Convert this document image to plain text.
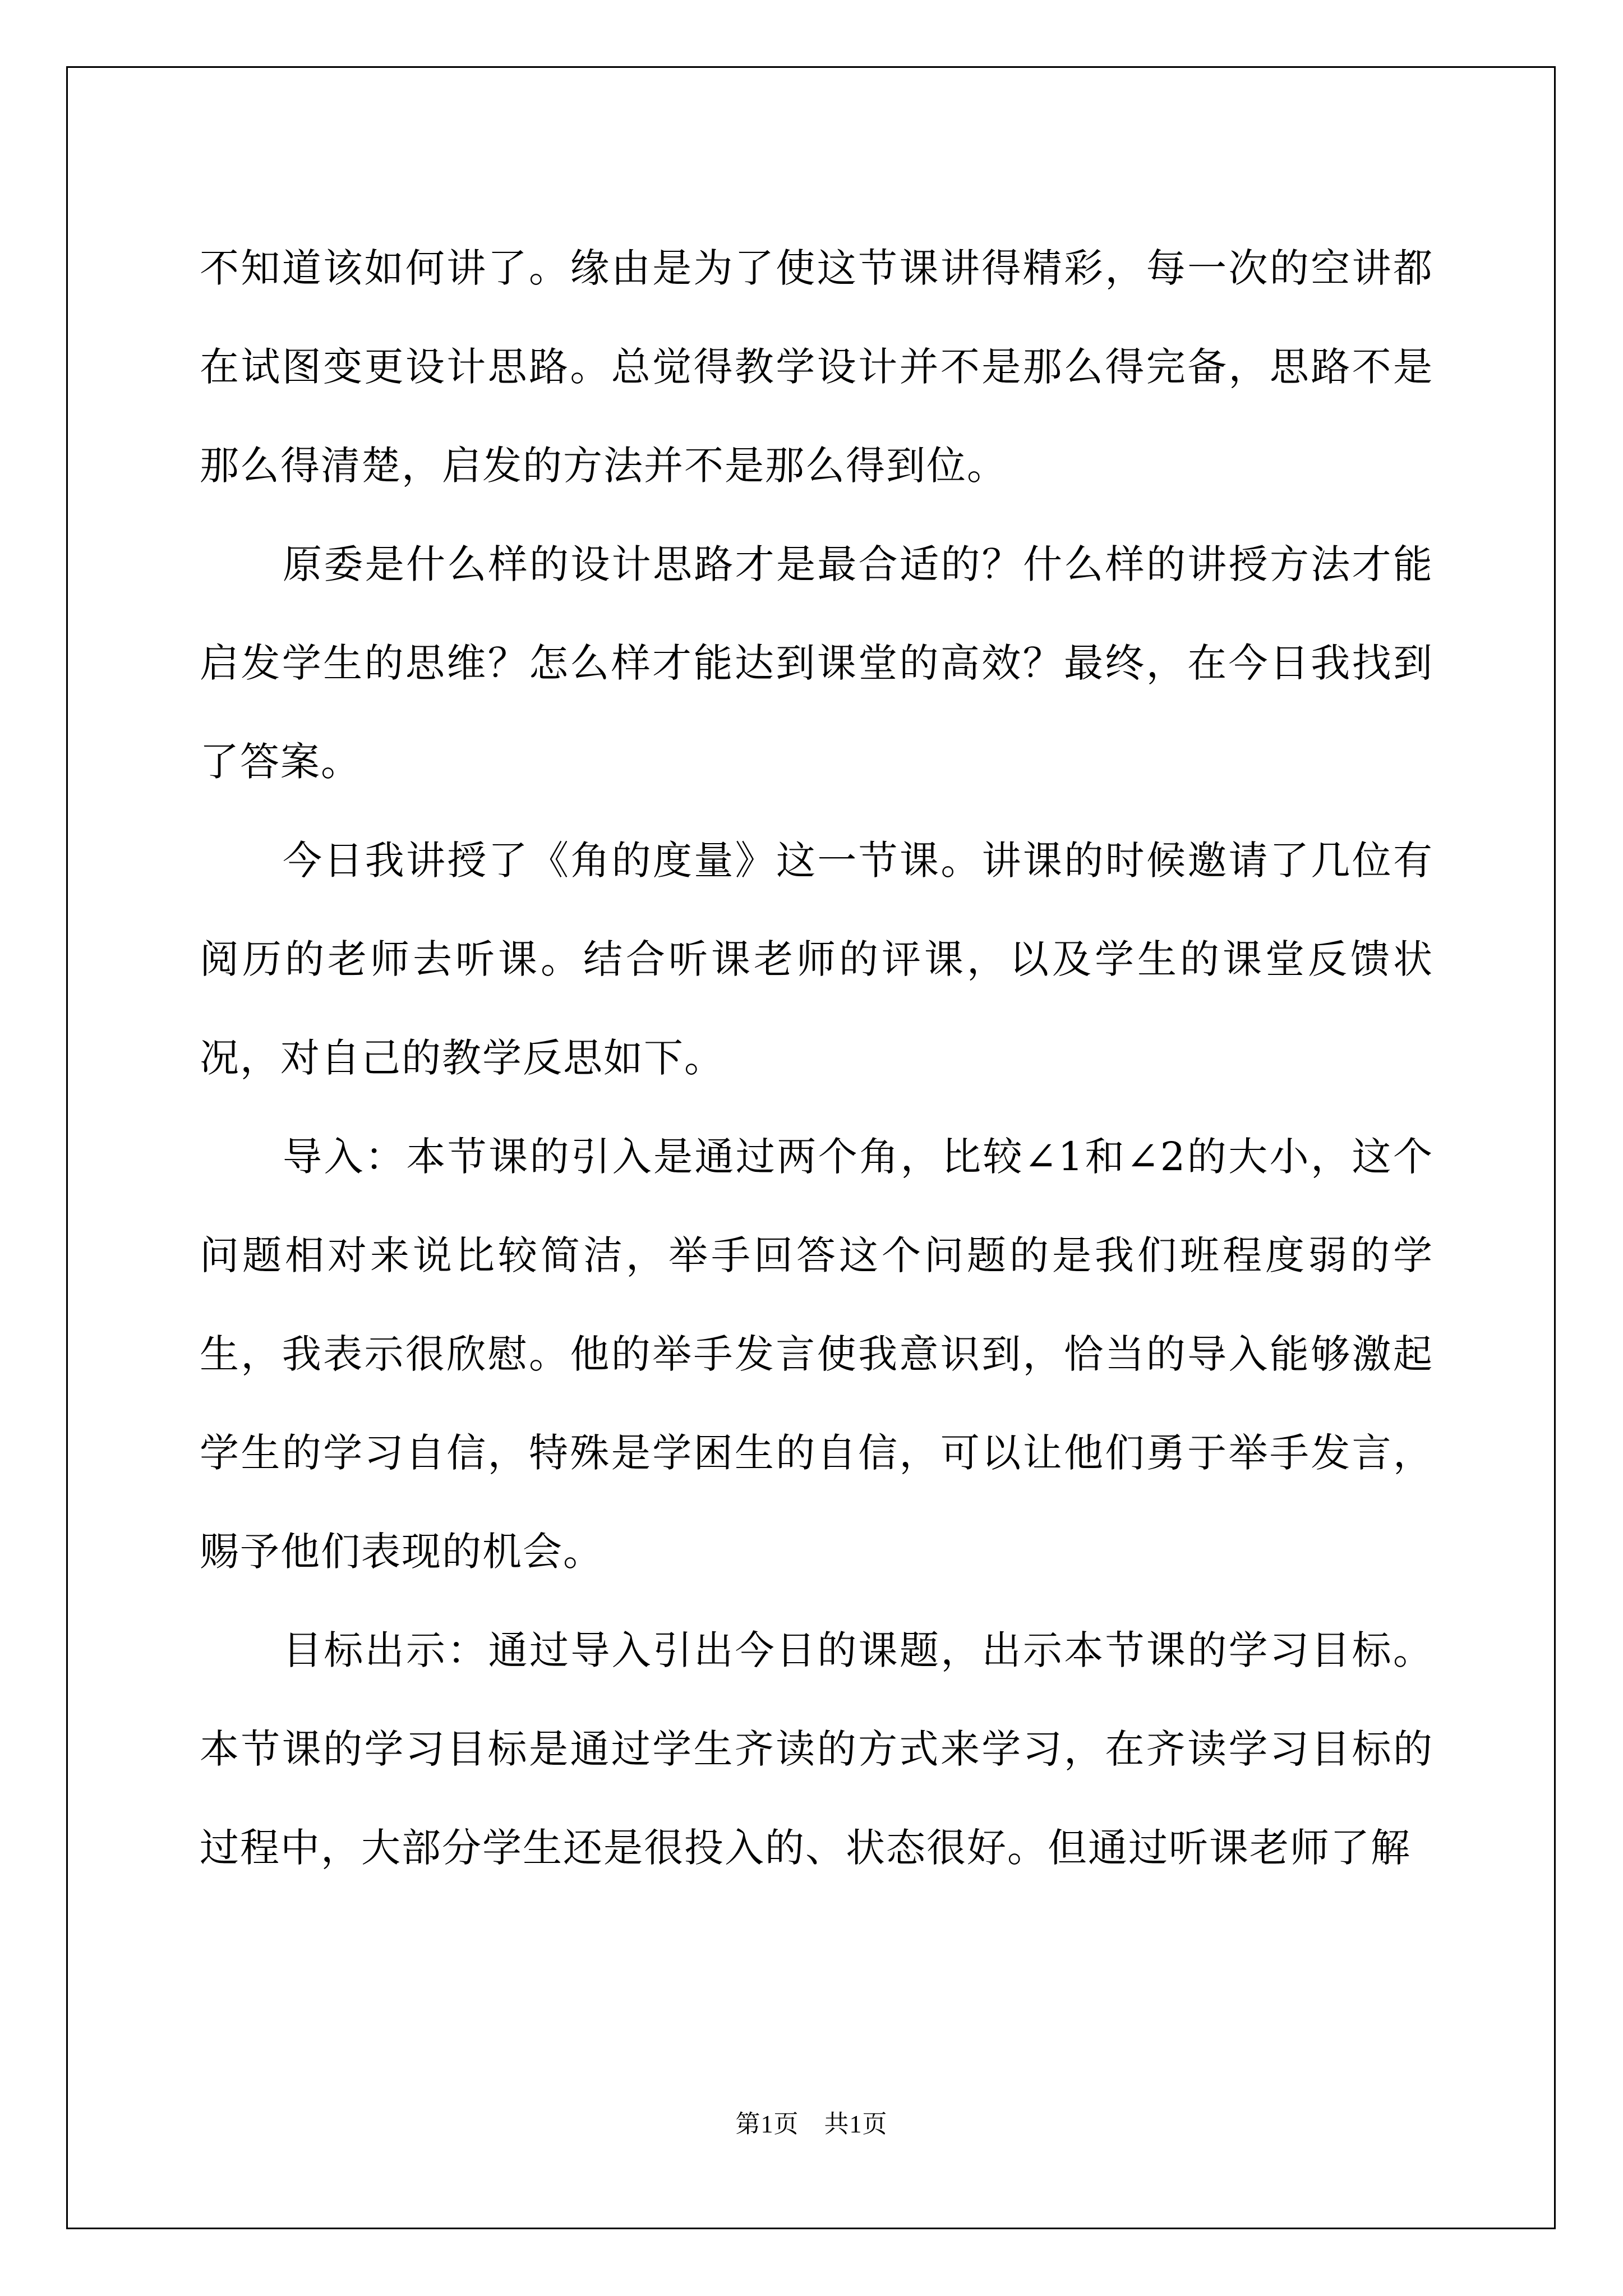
不知道该如何讲了。缘由是为了使这节课讲得精彩，每一次的空讲都在试图变更设计思路。总觉得教学设计并不是那么得完备，思路不是那么得清楚，启发的方法并不是那么得到位。

原委是什么样的设计思路才是最合适的？什么样的讲授方法才能启发学生的思维？怎么样才能达到课堂的高效？最终，在今日我找到了答案。

今日我讲授了《角的度量》这一节课。讲课的时候邀请了几位有阅历的老师去听课。结合听课老师的评课，以及学生的课堂反馈状况，对自己的教学反思如下。

导入：本节课的引入是通过两个角，比较∠1和∠2的大小，这个问题相对来说比较简洁，举手回答这个问题的是我们班程度弱的学生，我表示很欣慰。他的举手发言使我意识到，恰当的导入能够激起学生的学习自信，特殊是学困生的自信，可以让他们勇于举手发言，赐予他们表现的机会。

目标出示：通过导入引出今日的课题，出示本节课的学习目标。本节课的学习目标是通过学生齐读的方式来学习，在齐读学习目标的过程中，大部分学生还是很投入的、状态很好。但通过听课老师了解

第1页　共1页
